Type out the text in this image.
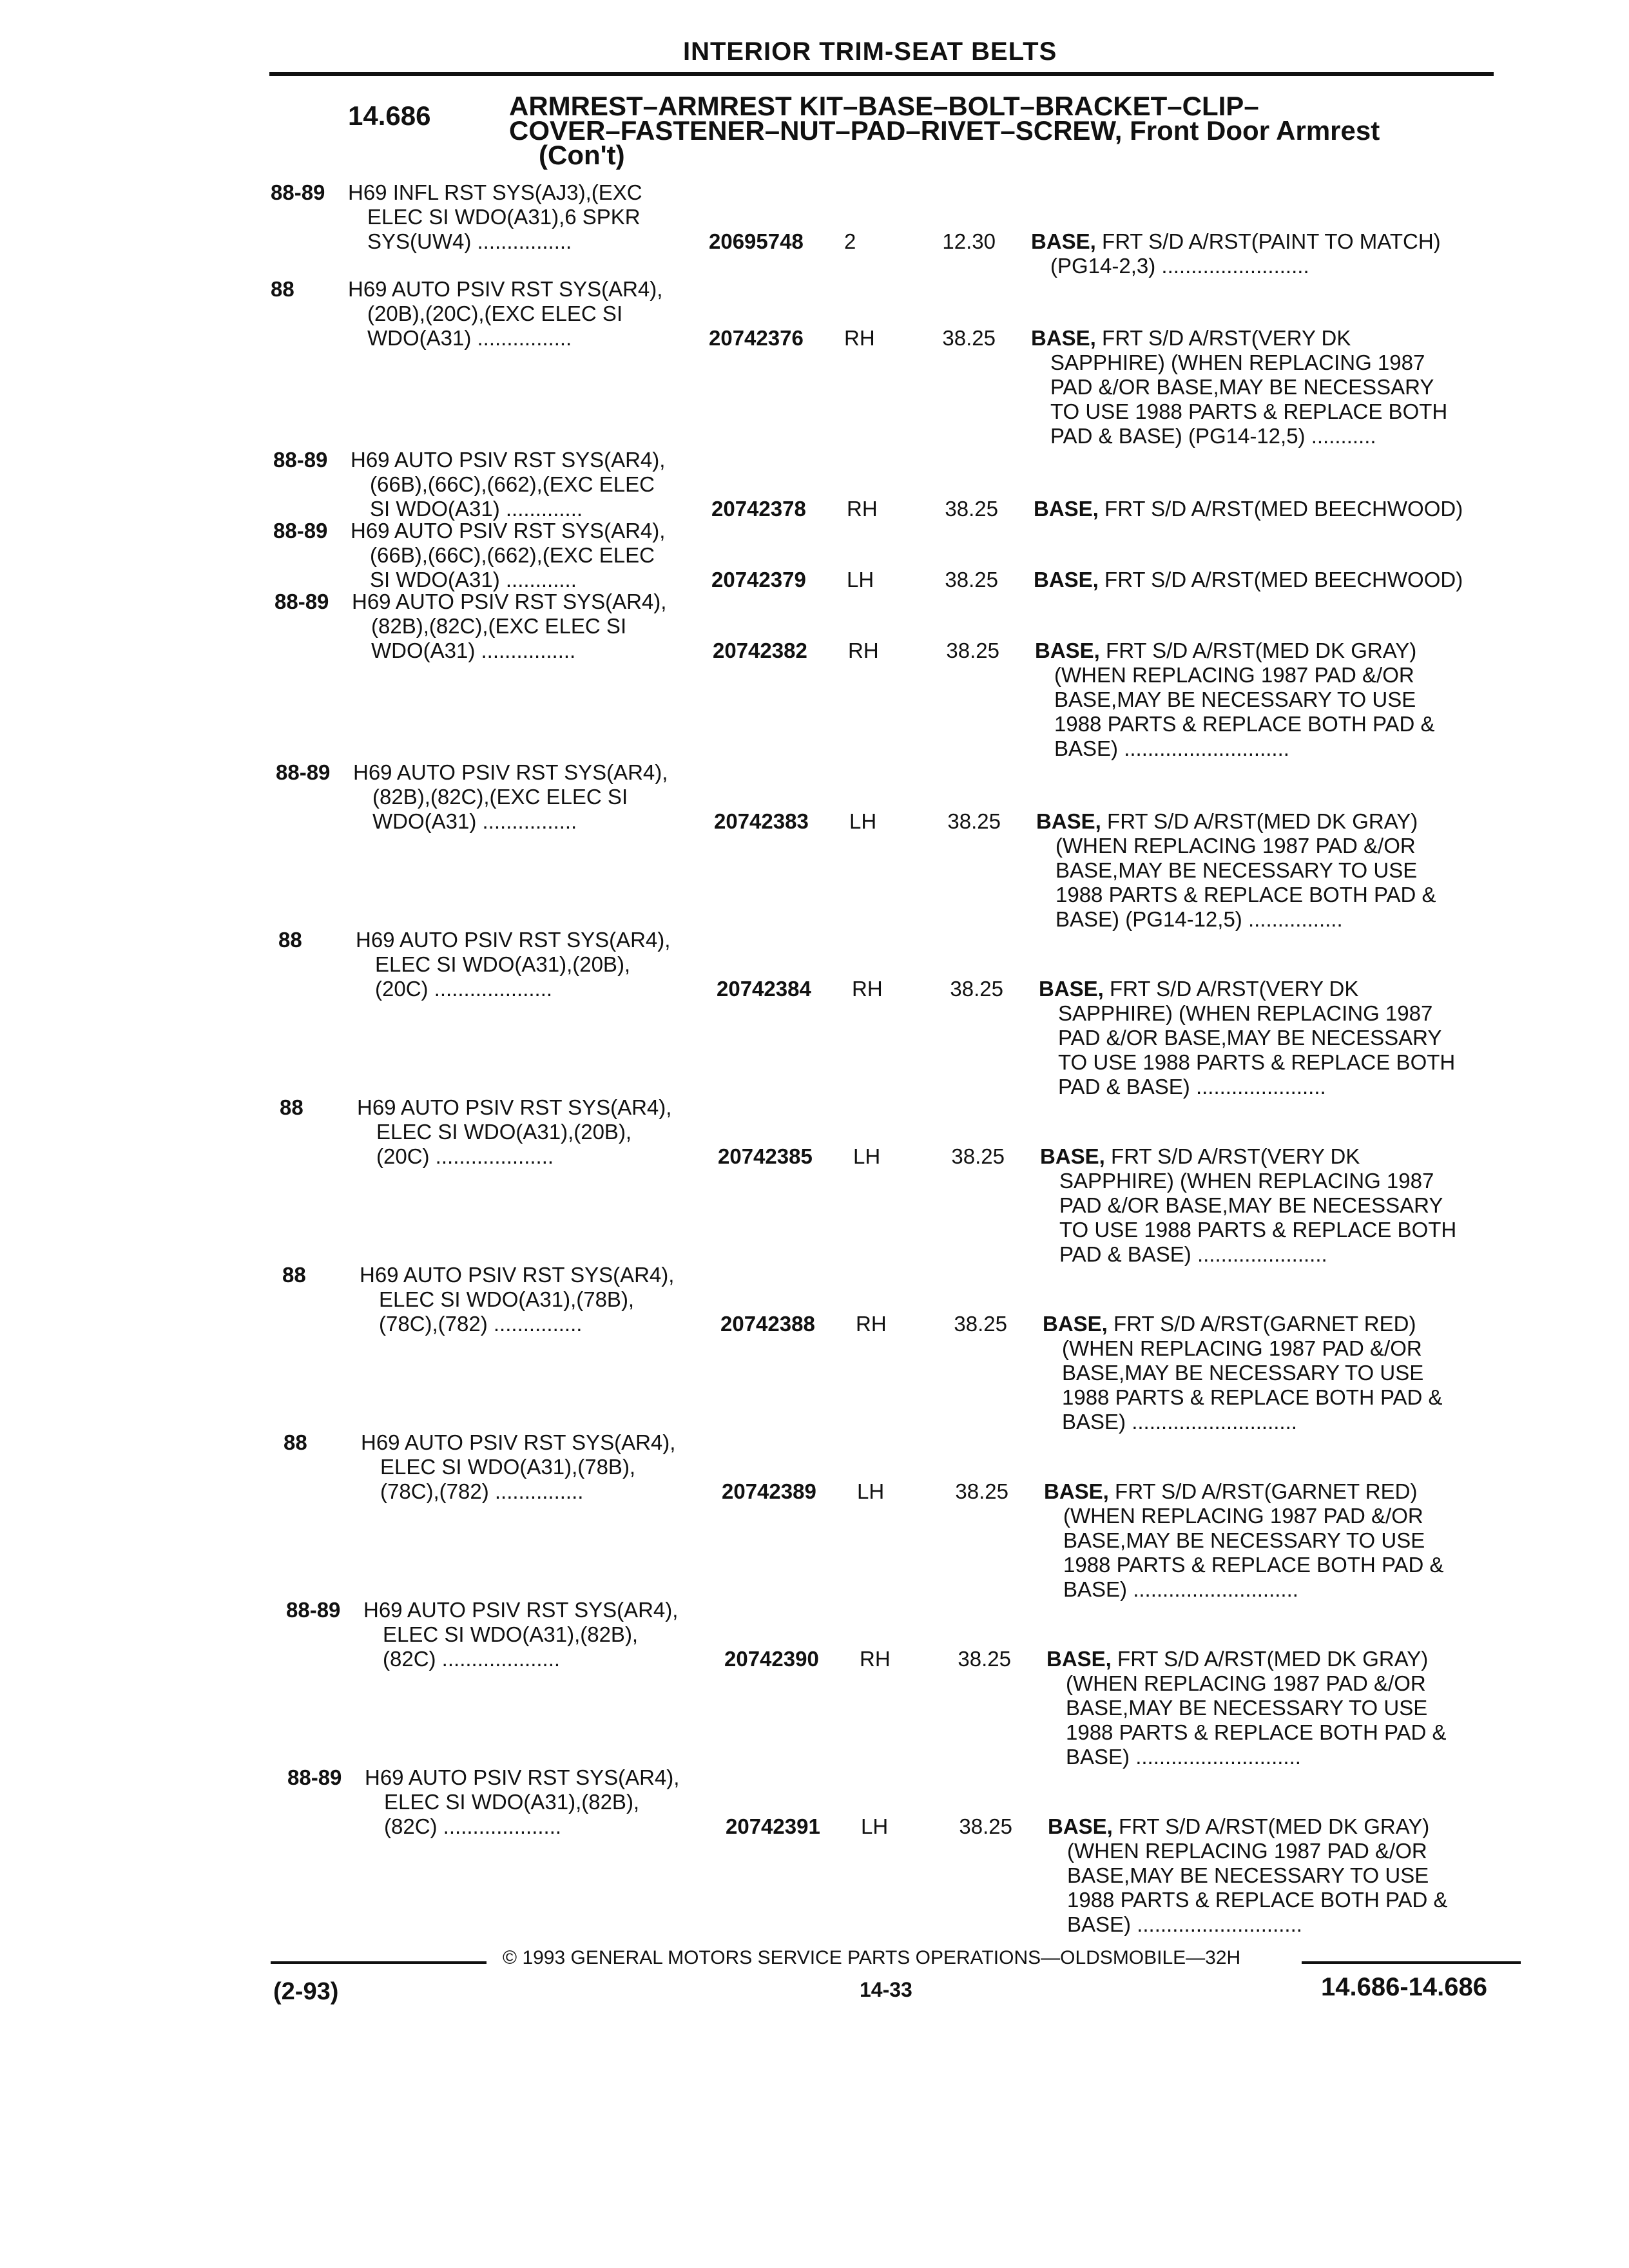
INTERIOR TRIM-SEAT BELTS
14.686	ARMREST–ARMREST KIT–BASE–BOLT–BRACKET–CLIP–
COVER–FASTENER–NUT–PAD–RIVET–SCREW, Front Door Armrest
(Con't)
88-89	H69 INFL RST SYS(AJ3),(EXC
ELEC SI WDO(A31),6 SPKR
SYS(UW4) ................	20695748	2	12.30 BASE, FRT S/D A/RST(PAINT TO MATCH)
(PG14-2,3) .........................
88	H69 AUTO PSIV RST SYS(AR4),
(20B),(20C),(EXC ELEC SI
WDO(A31) ................	20742376	RH	38.25 BASE, FRT S/D A/RST(VERY DK
SAPPHIRE) (WHEN REPLACING 1987
PAD &/OR BASE,MAY BE NECESSARY
TO USE 1988 PARTS & REPLACE BOTH
PAD & BASE) (PG14-12,5) ...........
88-89	H69 AUTO PSIV RST SYS(AR4),
(66B),(66C),(662),(EXC ELEC
SI WDO(A31) .............	20742378	RH	38.25 BASE, FRT S/D A/RST(MED BEECHWOOD)
88-89	H69 AUTO PSIV RST SYS(AR4),
(66B),(66C),(662),(EXC ELEC
SI WDO(A31) ............	20742379	LH	38.25 BASE, FRT S/D A/RST(MED BEECHWOOD)
88-89	H69 AUTO PSIV RST SYS(AR4),
(82B),(82C),(EXC ELEC SI
WDO(A31) ................	20742382	RH	38.25 BASE, FRT S/D A/RST(MED DK GRAY)
(WHEN REPLACING 1987 PAD &/OR
BASE,MAY BE NECESSARY TO USE
1988 PARTS & REPLACE BOTH PAD &
BASE) ............................
88-89	H69 AUTO PSIV RST SYS(AR4),
(82B),(82C),(EXC ELEC SI
WDO(A31) ................	20742383	LH	38.25 BASE, FRT S/D A/RST(MED DK GRAY)
(WHEN REPLACING 1987 PAD &/OR
BASE,MAY BE NECESSARY TO USE
1988 PARTS & REPLACE BOTH PAD &
BASE) (PG14-12,5) ................
88	H69 AUTO PSIV RST SYS(AR4),
ELEC SI WDO(A31),(20B),
(20C) ....................	20742384	RH	38.25 BASE, FRT S/D A/RST(VERY DK
SAPPHIRE) (WHEN REPLACING 1987
PAD &/OR BASE,MAY BE NECESSARY
TO USE 1988 PARTS & REPLACE BOTH
PAD & BASE) ......................
88	H69 AUTO PSIV RST SYS(AR4),
ELEC SI WDO(A31),(20B),
(20C) ....................	20742385	LH	38.25 BASE, FRT S/D A/RST(VERY DK
SAPPHIRE) (WHEN REPLACING 1987
PAD &/OR BASE,MAY BE NECESSARY
TO USE 1988 PARTS & REPLACE BOTH
PAD & BASE) ......................
88	H69 AUTO PSIV RST SYS(AR4),
ELEC SI WDO(A31),(78B),
(78C),(782) ...............	20742388	RH	38.25 BASE, FRT S/D A/RST(GARNET RED)
(WHEN REPLACING 1987 PAD &/OR
BASE,MAY BE NECESSARY TO USE
1988 PARTS & REPLACE BOTH PAD &
BASE) ............................
88	H69 AUTO PSIV RST SYS(AR4),
ELEC SI WDO(A31),(78B),
(78C),(782) ...............	20742389	LH	38.25 BASE, FRT S/D A/RST(GARNET RED)
(WHEN REPLACING 1987 PAD &/OR
BASE,MAY BE NECESSARY TO USE
1988 PARTS & REPLACE BOTH PAD &
BASE) ............................
88-89	H69 AUTO PSIV RST SYS(AR4),
ELEC SI WDO(A31),(82B),
(82C) ....................	20742390	RH	38.25 BASE, FRT S/D A/RST(MED DK GRAY)
(WHEN REPLACING 1987 PAD &/OR
BASE,MAY BE NECESSARY TO USE
1988 PARTS & REPLACE BOTH PAD &
BASE) ............................
88-89	H69 AUTO PSIV RST SYS(AR4),
ELEC SI WDO(A31),(82B),
(82C) ....................	20742391	LH	38.25 BASE, FRT S/D A/RST(MED DK GRAY)
(WHEN REPLACING 1987 PAD &/OR
BASE,MAY BE NECESSARY TO USE
1988 PARTS & REPLACE BOTH PAD &
BASE) ............................
© 1993 GENERAL MOTORS SERVICE PARTS OPERATIONS—OLDSMOBILE—32H
(2-93)	14-33	14.686-14.686
